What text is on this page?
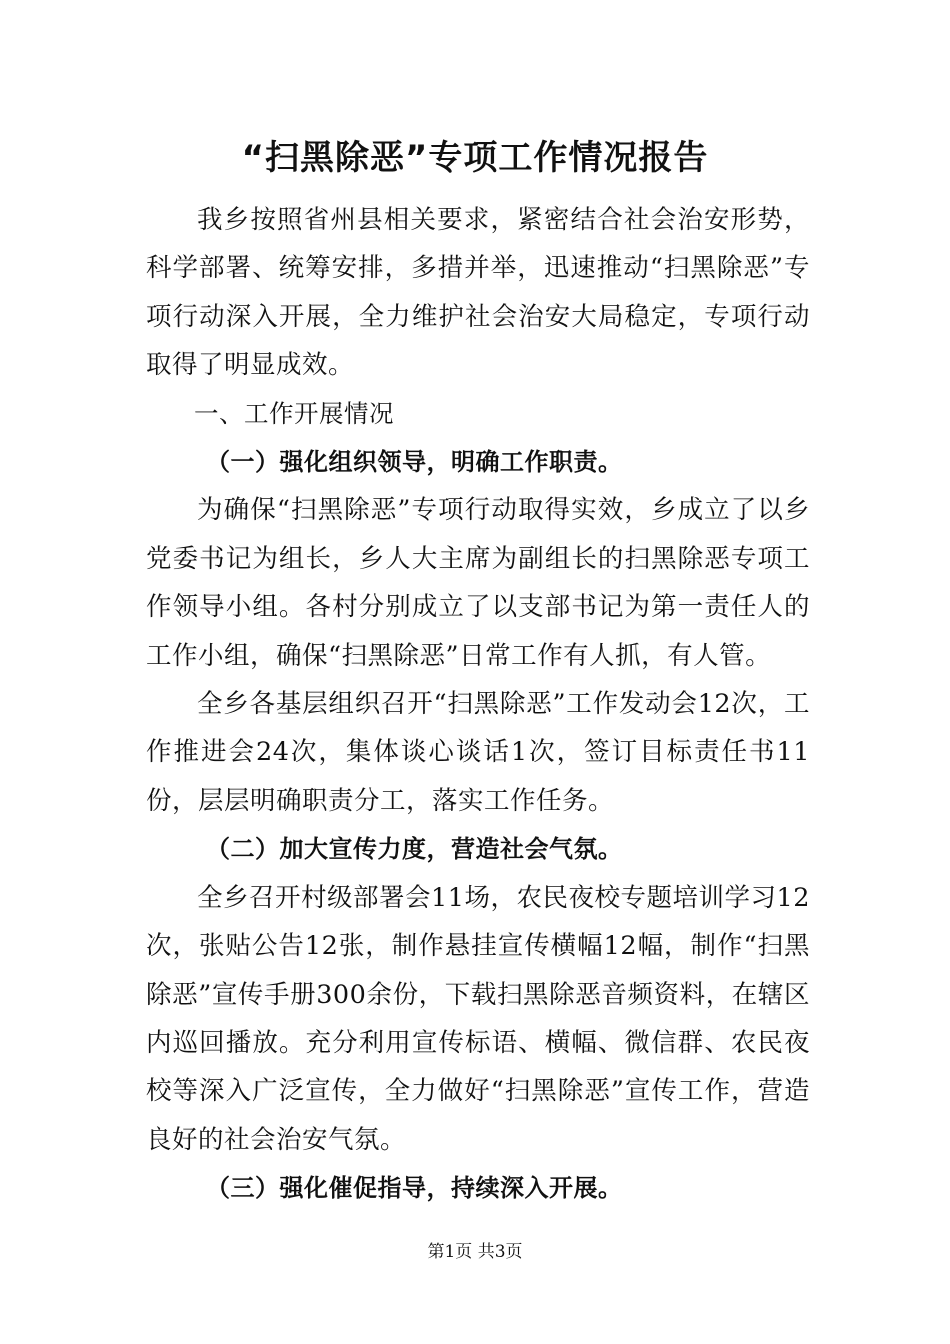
“扫黑除恶”专项工作情况报告

我乡按照省州县相关要求，紧密结合社会治安形势，科学部署、统筹安排，多措并举，迅速推动“扫黑除恶”专项行动深入开展，全力维护社会治安大局稳定，专项行动取得了明显成效。

一、工作开展情况

（一）强化组织领导，明确工作职责。

为确保“扫黑除恶”专项行动取得实效，乡成立了以乡党委书记为组长，乡人大主席为副组长的扫黑除恶专项工作领导小组。各村分别成立了以支部书记为第一责任人的工作小组，确保“扫黑除恶”日常工作有人抓，有人管。

全乡各基层组织召开“扫黑除恶”工作发动会12次，工作推进会24次，集体谈心谈话1次，签订目标责任书11份，层层明确职责分工，落实工作任务。

（二）加大宣传力度，营造社会气氛。

全乡召开村级部署会11场，农民夜校专题培训学习12次，张贴公告12张，制作悬挂宣传横幅12幅，制作“扫黑除恶”宣传手册300余份，下载扫黑除恶音频资料，在辖区内巡回播放。充分利用宣传标语、横幅、微信群、农民夜校等深入广泛宣传，全力做好“扫黑除恶”宣传工作，营造良好的社会治安气氛。

（三）强化催促指导，持续深入开展。

第1页 共3页
